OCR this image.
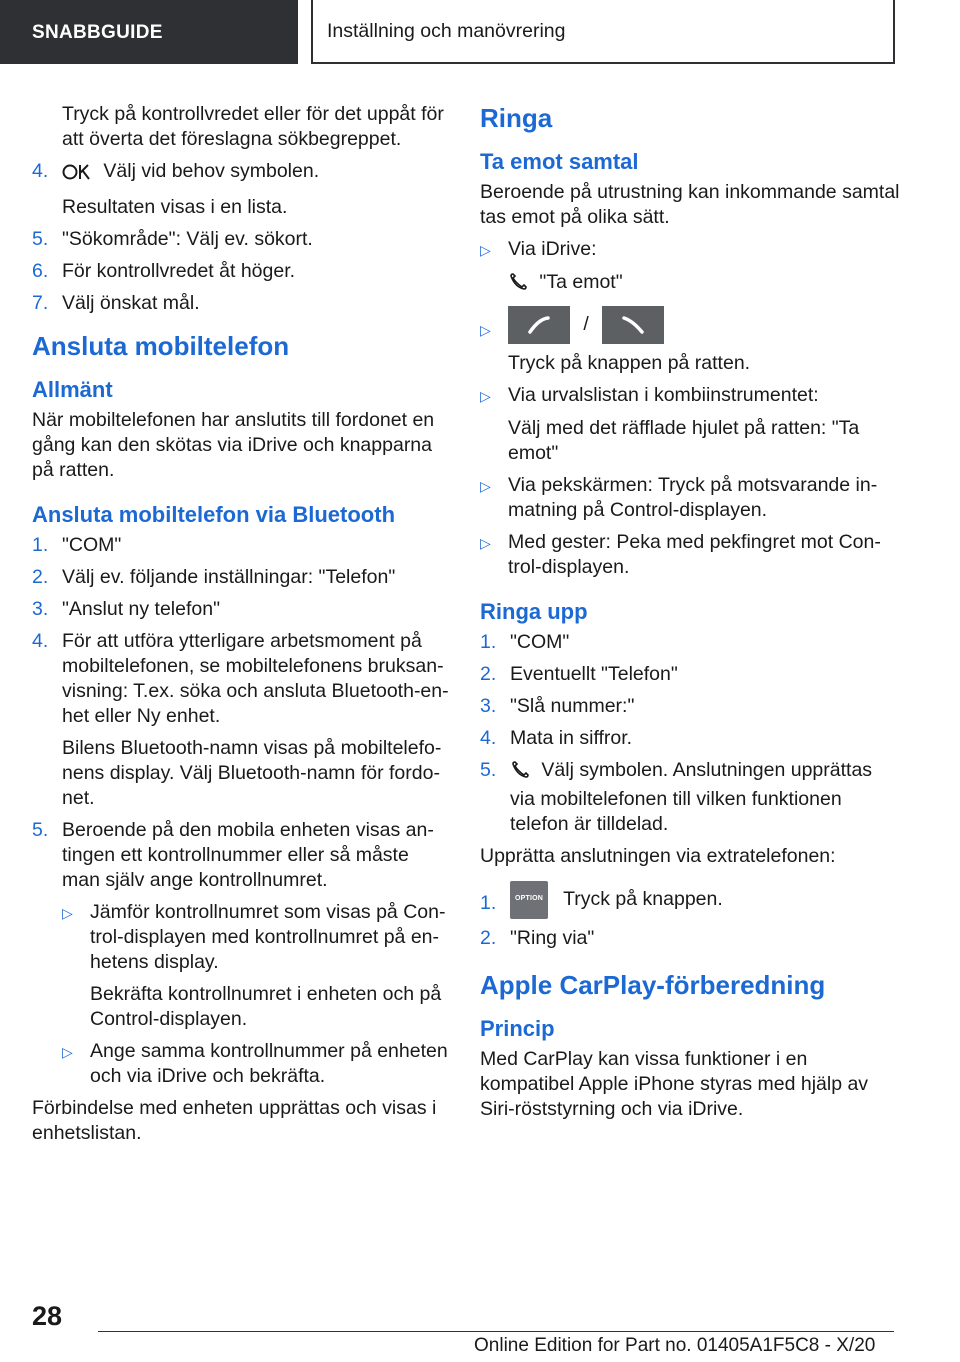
SNABBGUIDE	Inställning och manövrering

Tryck på kontrollvredet eller för det uppåt för att överta det föreslagna sökbegreppet.

4.	Välj vid behov symbolen.

Resultaten visas i en lista.

5. "Sökområde": Välj ev. sökort.
6. För kontrollvredet åt höger.
7. Välj önskat mål.
Ansluta mobiltelefon
Allmänt

När mobiltelefonen har anslutits till fordonet en gång kan den skötas via iDrive och knapparna på ratten.

Ansluta mobiltelefon via Bluetooth
1. "COM"
2. Välj ev. följande inställningar: "Telefon"
3. "Anslut ny telefon"
4. För att utföra ytterligare arbetsmoment på mobiltelefonen, se mobiltelefonens bruksanvisning: T.ex. söka och ansluta Bluetooth-enhet eller Ny enhet.

Bilens Bluetooth-namn visas på mobiltelefonens display. Välj Bluetooth-namn för fordonet.

5. Beroende på den mobila enheten visas antingen ett kontrollnummer eller så måste man själv ange kontrollnumret.
▷ Jämför kontrollnumret som visas på Control-displayen med kontrollnumret på enhetens display.

Bekräfta kontrollnumret i enheten och på Control-displayen.

▷ Ange samma kontrollnummer på enheten och via iDrive och bekräfta.

Förbindelse med enheten upprättas och visas i enhetslistan.

Ringa
Ta emot samtal

Beroende på utrustning kan inkommande samtal tas emot på olika sätt.

▷ Via iDrive:

"Ta emot"

▷	/

Tryck på knappen på ratten.

▷ Via urvalslistan i kombiinstrumentet:

Välj med det räfflade hjulet på ratten: "Ta emot"

▷ Via pekskärmen: Tryck på motsvarande inmatning på Control-displayen.
▷ Med gester: Peka med pekfingret mot Control-displayen.
Ringa upp
1. "COM"
2. Eventuellt "Telefon"
3. "Slå nummer:"
4. Mata in siffror.
5.	Välj symbolen. Anslutningen upprättas via mobiltelefonen till vilken funktionen telefon är tilldelad.

Upprätta anslutningen via extratelefonen:

1.	OPTION Tryck på knappen.
2. "Ring via"
Apple CarPlay-förberedning
Princip

Med CarPlay kan vissa funktioner i en kompatibel Apple iPhone styras med hjälp av Siri-röststyrning och via iDrive.

28
Online Edition for Part no. 01405A1F5C8 - X/20
